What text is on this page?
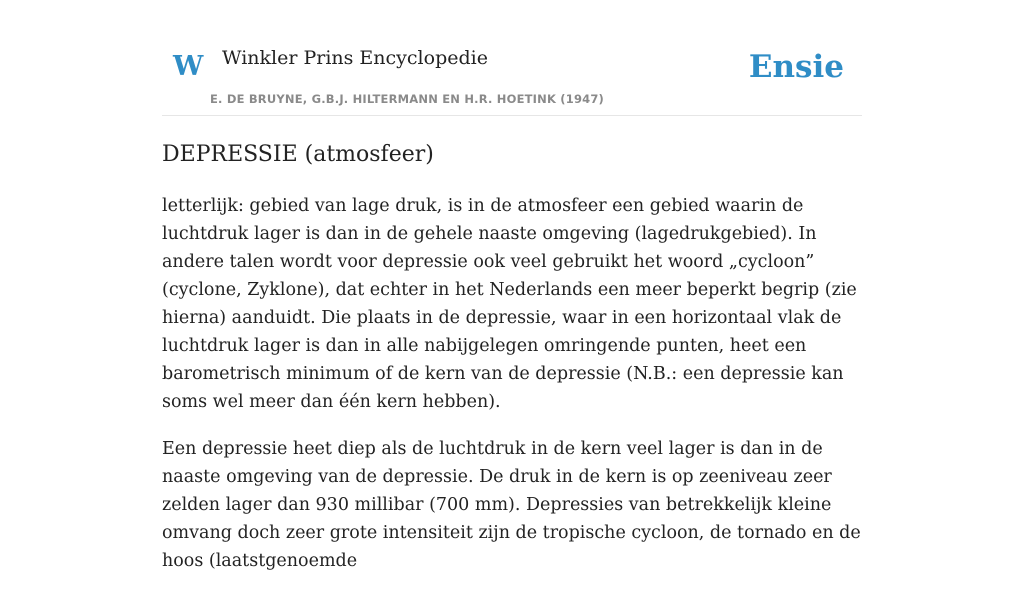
W Winkler Prins Encyclopedie
E. DE BRUYNE, G.B.J. HILTERMANN EN H.R. HOETINK (1947)
Ensie
DEPRESSIE (atmosfeer)

letterlijk: gebied van lage druk, is in de atmosfeer een gebied waarin de luchtdruk lager is dan in de gehele naaste omgeving (lagedrukgebied). In andere talen wordt voor depressie ook veel gebruikt het woord „cycloon” (cyclone, Zyklone), dat echter in het Nederlands een meer beperkt begrip (zie hierna) aanduidt. Die plaats in de depressie, waar in een horizontaal vlak de luchtdruk lager is dan in alle nabijgelegen omringende punten, heet een barometrisch minimum of de kern van de depressie (N.B.: een depressie kan soms wel meer dan één kern hebben).

Een depressie heet diep als de luchtdruk in de kern veel lager is dan in de naaste omgeving van de depressie. De druk in de kern is op zeeniveau zeer zelden lager dan 930 millibar (700 mm). Depressies van betrekkelijk kleine omvang doch zeer grote intensiteit zijn de tropische cycloon, de tornado en de hoos (laatstgenoemde
